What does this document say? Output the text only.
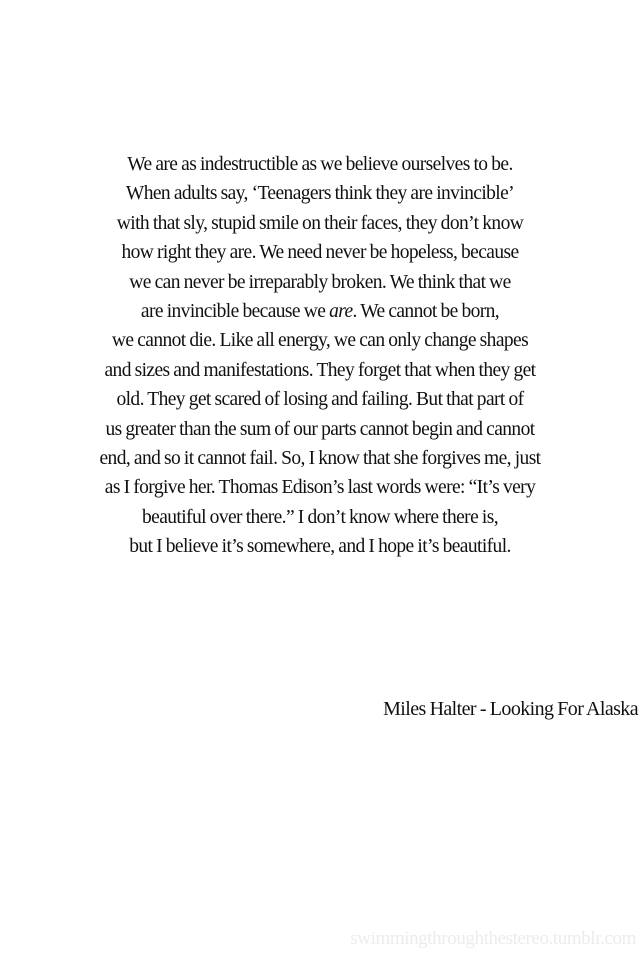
We are as indestructible as we believe ourselves to be.
When adults say, ‘Teenagers think they are invincible’
with that sly, stupid smile on their faces, they don’t know
how right they are. We need never be hopeless, because
we can never be irreparably broken. We think that we
are invincible because we are. We cannot be born,
we cannot die. Like all energy, we can only change shapes
and sizes and manifestations. They forget that when they get
old. They get scared of losing and failing. But that part of
us greater than the sum of our parts cannot begin and cannot
end, and so it cannot fail. So, I know that she forgives me, just
as I forgive her. Thomas Edison’s last words were: “It’s very
beautiful over there.” I don’t know where there is,
but I believe it’s somewhere, and I hope it’s beautiful.
Miles Halter - Looking For Alaska
swimmingthroughthestereo.tumblr.com
